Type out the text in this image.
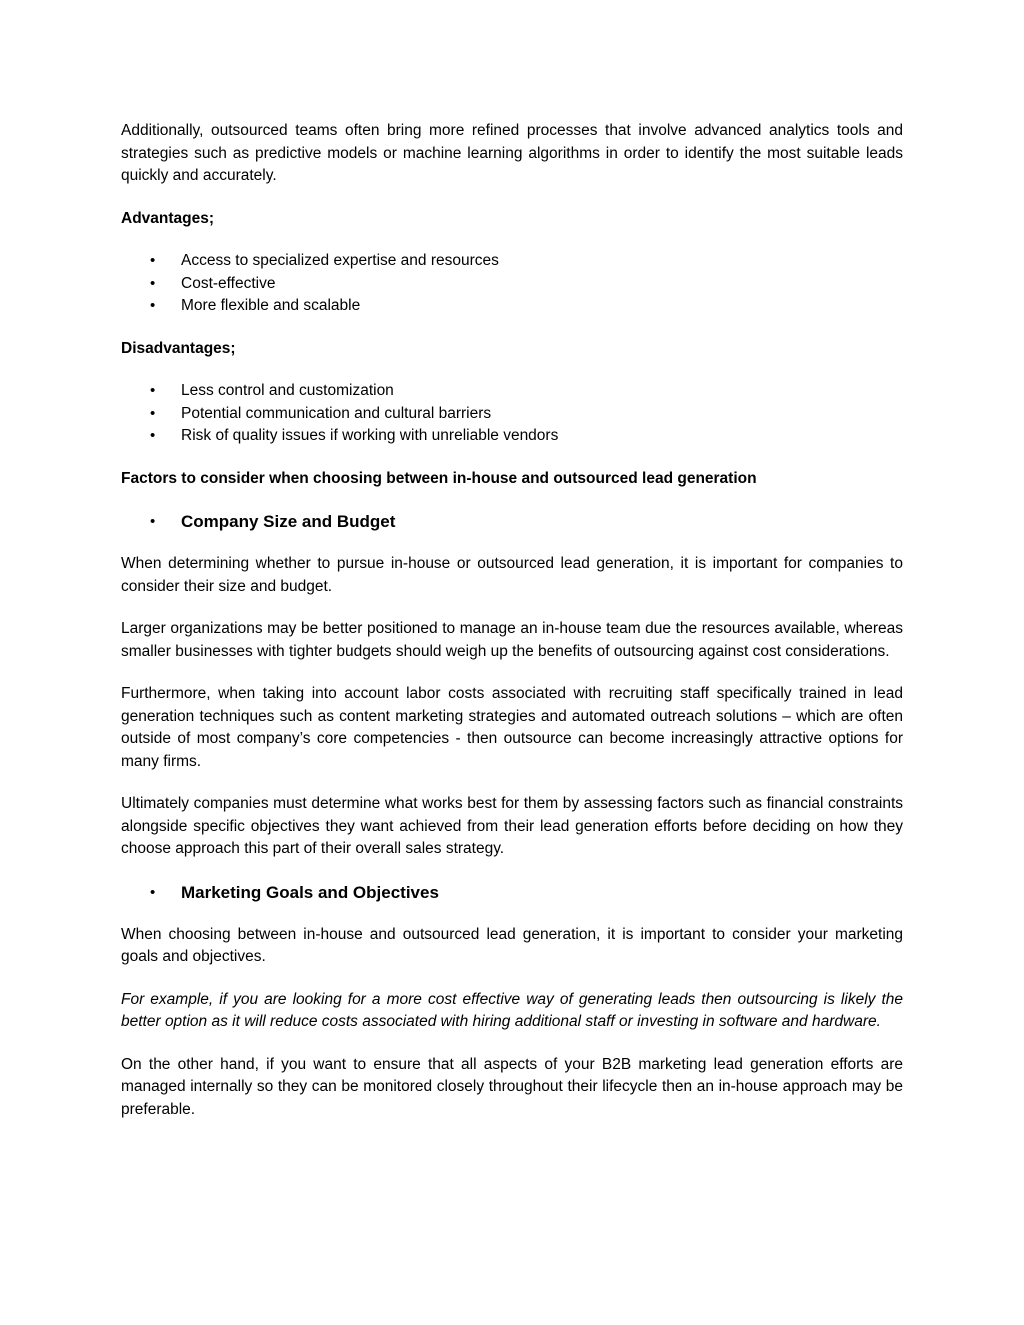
Additionally, outsourced teams often bring more refined processes that involve advanced analytics tools and strategies such as predictive models or machine learning algorithms in order to identify the most suitable leads quickly and accurately.

Advantages;
• Access to specialized expertise and resources
• Cost-effective
• More flexible and scalable
Disadvantages;
• Less control and customization
• Potential communication and cultural barriers
• Risk of quality issues if working with unreliable vendors
Factors to consider when choosing between in-house and outsourced lead generation
• Company Size and Budget

When determining whether to pursue in-house or outsourced lead generation, it is important for companies to consider their size and budget.

Larger organizations may be better positioned to manage an in-house team due the resources available, whereas smaller businesses with tighter budgets should weigh up the benefits of outsourcing against cost considerations.

Furthermore, when taking into account labor costs associated with recruiting staff specifically trained in lead generation techniques such as content marketing strategies and automated outreach solutions – which are often outside of most company’s core competencies - then outsource can become increasingly attractive options for many firms.

Ultimately companies must determine what works best for them by assessing factors such as financial constraints alongside specific objectives they want achieved from their lead generation efforts before deciding on how they choose approach this part of their overall sales strategy.

• Marketing Goals and Objectives

When choosing between in-house and outsourced lead generation, it is important to consider your marketing goals and objectives.

For example, if you are looking for a more cost effective way of generating leads then outsourcing is likely the better option as it will reduce costs associated with hiring additional staff or investing in software and hardware.

On the other hand, if you want to ensure that all aspects of your B2B marketing lead generation efforts are managed internally so they can be monitored closely throughout their lifecycle then an in-house approach may be preferable.
